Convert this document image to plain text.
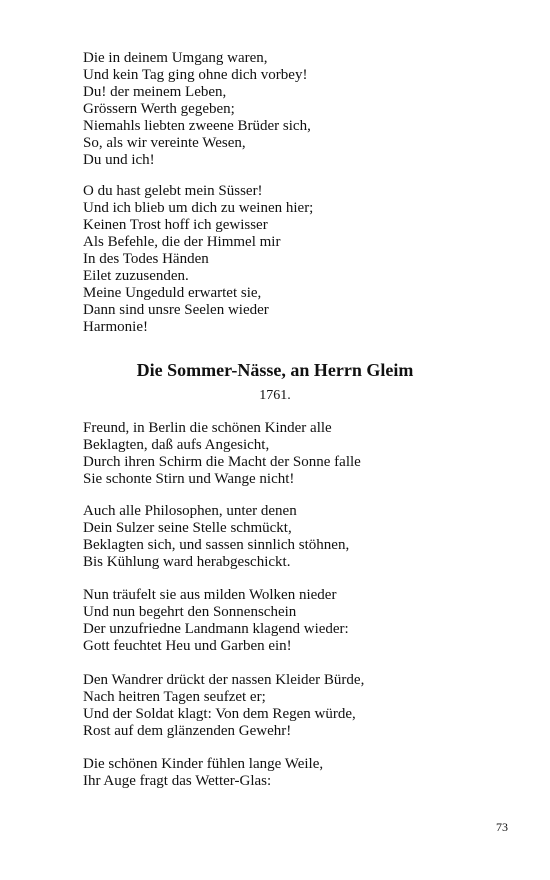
Die in deinem Umgang waren,
Und kein Tag ging ohne dich vorbey!
Du! der meinem Leben,
Grössern Werth gegeben;
Niemahls liebten zweene Brüder sich,
So, als wir vereinte Wesen,
Du und ich!
O du hast gelebt mein Süsser!
Und ich blieb um dich zu weinen hier;
Keinen Trost hoff ich gewisser
Als Befehle, die der Himmel mir
In des Todes Händen
Eilet zuzusenden.
Meine Ungeduld erwartet sie,
Dann sind unsre Seelen wieder
Harmonie!
Die Sommer-Nässe, an Herrn Gleim
1761.
Freund, in Berlin die schönen Kinder alle
Beklagten, daß aufs Angesicht,
Durch ihren Schirm die Macht der Sonne falle
Sie schonte Stirn und Wange nicht!
Auch alle Philosophen, unter denen
Dein Sulzer seine Stelle schmückt,
Beklagten sich, und sassen sinnlich stöhnen,
Bis Kühlung ward herabgeschickt.
Nun träufelt sie aus milden Wolken nieder
Und nun begehrt den Sonnenschein
Der unzufriedne Landmann klagend wieder:
Gott feuchtet Heu und Garben ein!
Den Wandrer drückt der nassen Kleider Bürde,
Nach heitren Tagen seufzet er;
Und der Soldat klagt: Von dem Regen würde,
Rost auf dem glänzenden Gewehr!
Die schönen Kinder fühlen lange Weile,
Ihr Auge fragt das Wetter-Glas:
73
